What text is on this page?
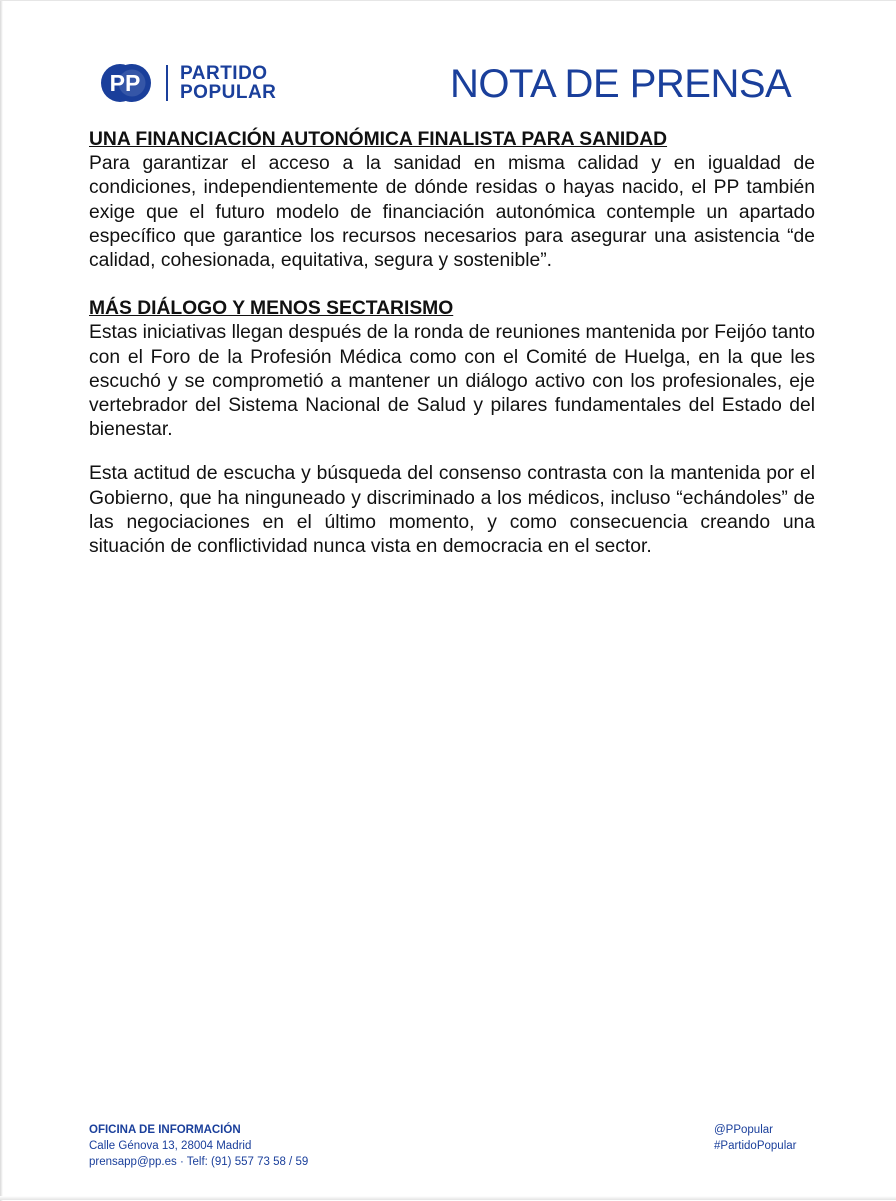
PP PARTIDO
POPULAR	NOTA DE PRENSA

UNA FINANCIACIÓN AUTONÓMICA FINALISTA PARA SANIDAD

Para garantizar el acceso a la sanidad en misma calidad y en igualdad de condiciones, independientemente de dónde residas o hayas nacido, el PP también exige que el futuro modelo de financiación autonómica contemple un apartado específico que garantice los recursos necesarios para asegurar una asistencia “de calidad, cohesionada, equitativa, segura y sostenible”.

MÁS DIÁLOGO Y MENOS SECTARISMO

Estas iniciativas llegan después de la ronda de reuniones mantenida por Feijóo tanto con el Foro de la Profesión Médica como con el Comité de Huelga, en la que les escuchó y se comprometió a mantener un diálogo activo con los profesionales, eje vertebrador del Sistema Nacional de Salud y pilares fundamentales del Estado del bienestar.

Esta actitud de escucha y búsqueda del consenso contrasta con la mantenida por el Gobierno, que ha ninguneado y discriminado a los médicos, incluso “echándoles” de las negociaciones en el último momento, y como consecuencia creando una situación de conflictividad nunca vista en democracia en el sector.

OFICINA DE INFORMACIÓN
Calle Génova 13, 28004 Madrid
prensapp@pp.es · Telf: (91) 557 73 58 / 59
@PPopular
#PartidoPopular
